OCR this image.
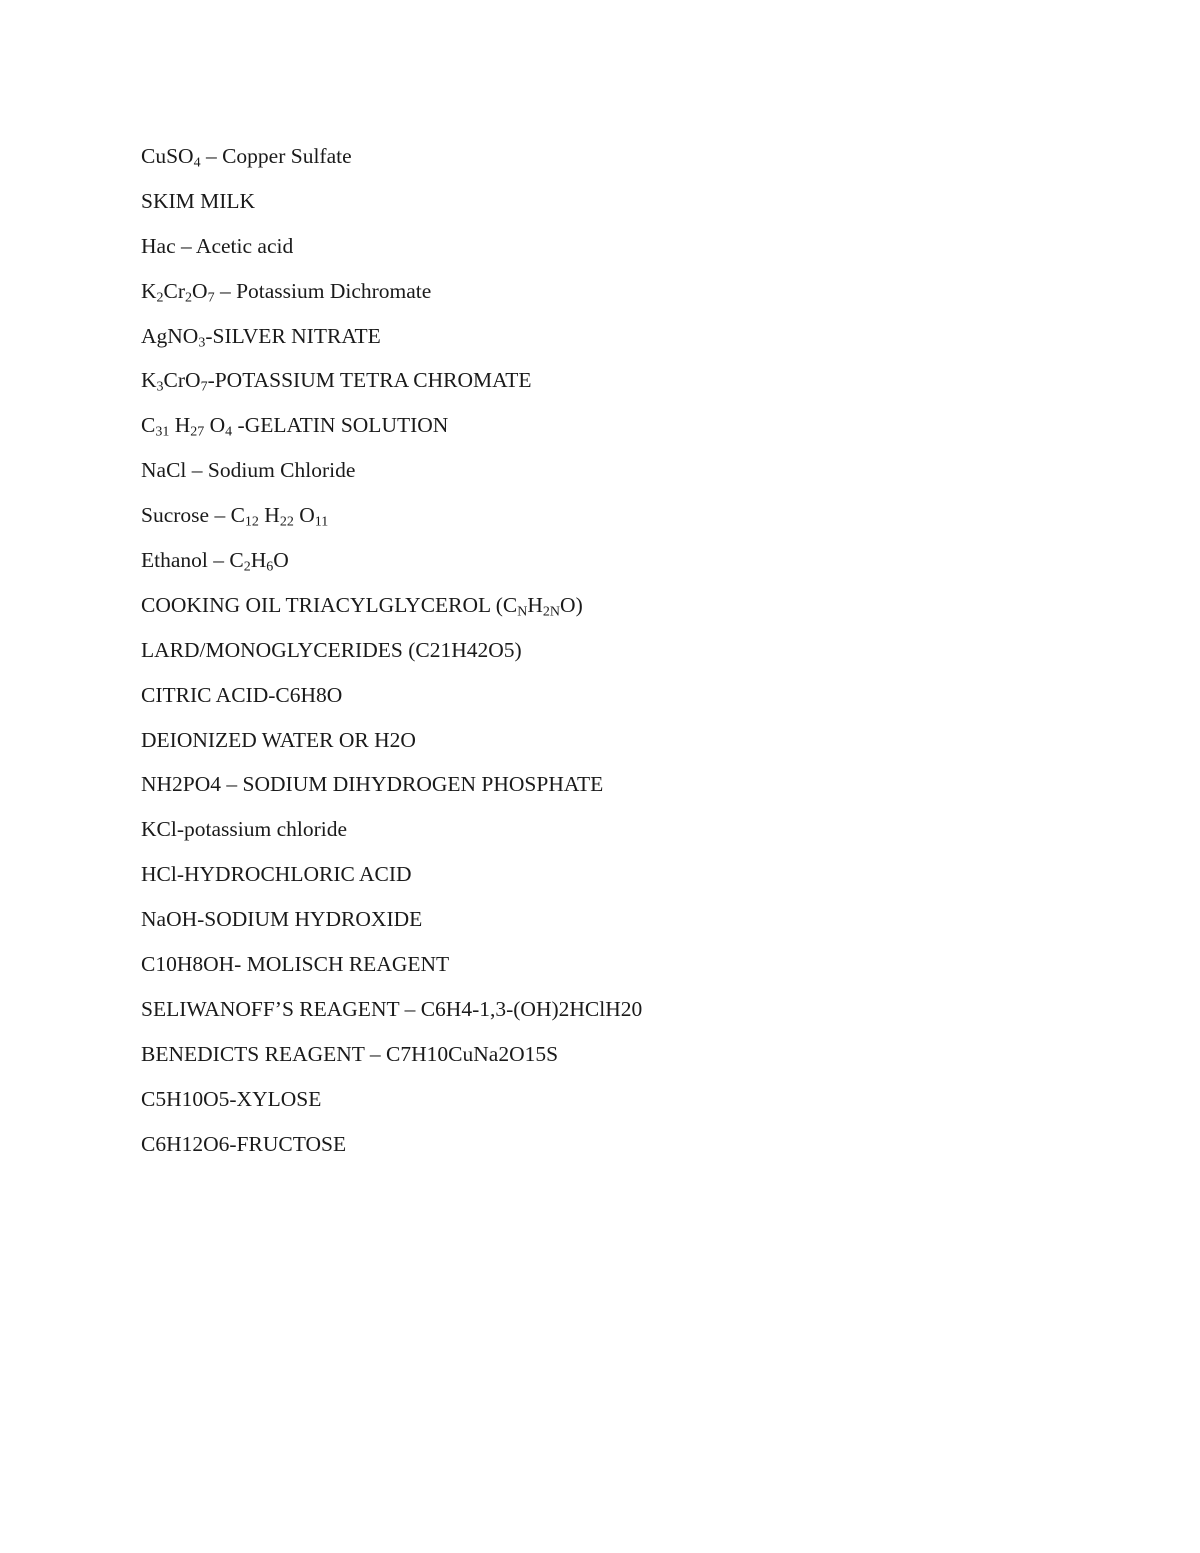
CuSO$_4$ – Copper Sulfate
SKIM MILK
Hac – Acetic acid
$K_2Cr_2O_7$ – Potassium Dichromate
AgNO$_3$-SILVER NITRATE
$K_3CrO_7$-POTASSIUM TETRA CHROMATE
$C_{31}$ $H_{27}$ $O_4$ -GELATIN SOLUTION
NaCl – Sodium Chloride
Sucrose – $C_{12}$ $H_{22}$ $O_{11}$
Ethanol – $C_2H_6O$
COOKING OIL TRIACYLGLYCEROL $(C_NH_{2N}O)$
LARD/MONOGLYCERIDES (C21H42O5)
CITRIC ACID-C6H8O
DEIONIZED WATER OR H2O
NH2PO4 – SODIUM DIHYDROGEN PHOSPHATE
KCl-potassium chloride
HCl-HYDROCHLORIC ACID
NaOH-SODIUM HYDROXIDE
C10H8OH- MOLISCH REAGENT
SELIWANOFF’S REAGENT – C6H4-1,3-(OH)2HClH20
BENEDICTS REAGENT – C7H10CuNa2O15S
C5H10O5-XYLOSE
C6H12O6-FRUCTOSE
